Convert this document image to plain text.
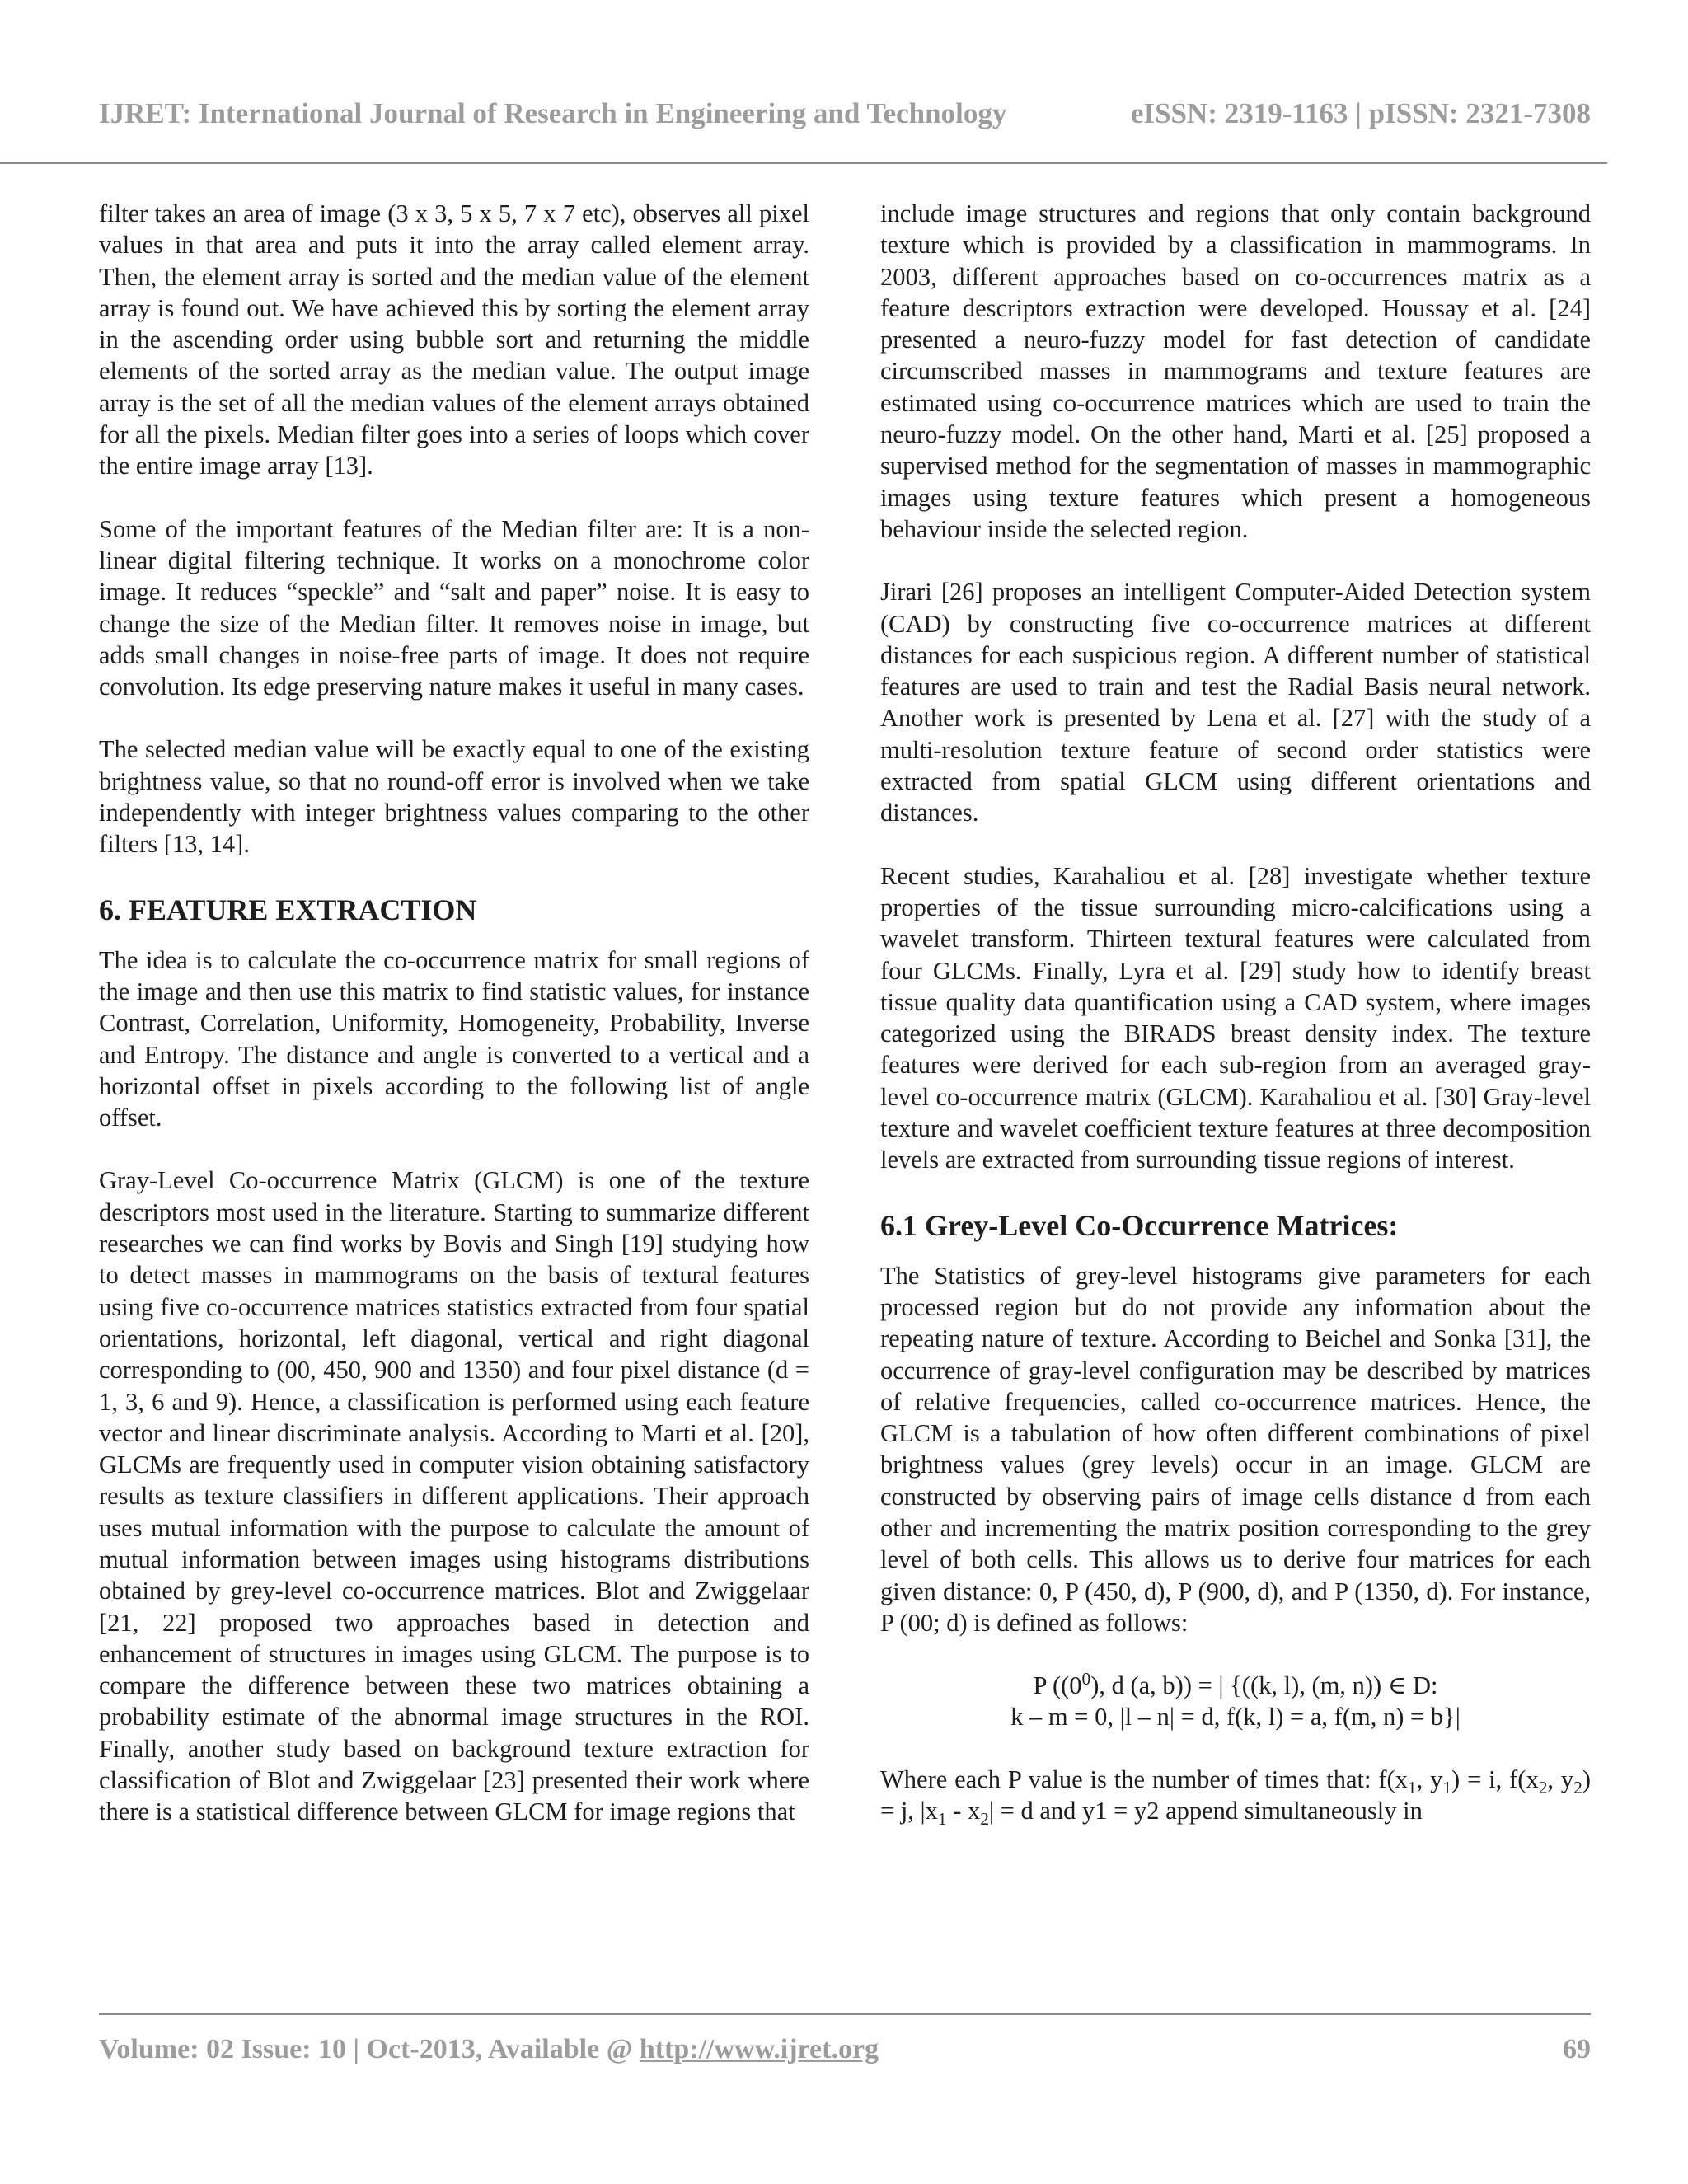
IJRET: International Journal of Research in Engineering and Technology	eISSN: 2319-1163 | pISSN: 2321-7308

filter takes an area of image (3 x 3, 5 x 5, 7 x 7 etc), observes all pixel values in that area and puts it into the array called element array. Then, the element array is sorted and the median value of the element array is found out. We have achieved this by sorting the element array in the ascending order using bubble sort and returning the middle elements of the sorted array as the median value. The output image array is the set of all the median values of the element arrays obtained for all the pixels. Median filter goes into a series of loops which cover the entire image array [13].

Some of the important features of the Median filter are: It is a non-linear digital filtering technique. It works on a monochrome color image. It reduces “speckle” and “salt and paper” noise. It is easy to change the size of the Median filter. It removes noise in image, but adds small changes in noise-free parts of image. It does not require convolution. Its edge preserving nature makes it useful in many cases.

The selected median value will be exactly equal to one of the existing brightness value, so that no round-off error is involved when we take independently with integer brightness values comparing to the other filters [13, 14].

6. FEATURE EXTRACTION

The idea is to calculate the co-occurrence matrix for small regions of the image and then use this matrix to find statistic values, for instance Contrast, Correlation, Uniformity, Homogeneity, Probability, Inverse and Entropy. The distance and angle is converted to a vertical and a horizontal offset in pixels according to the following list of angle offset.

Gray-Level Co-occurrence Matrix (GLCM) is one of the texture descriptors most used in the literature. Starting to summarize different researches we can find works by Bovis and Singh [19] studying how to detect masses in mammograms on the basis of textural features using five co-occurrence matrices statistics extracted from four spatial orientations, horizontal, left diagonal, vertical and right diagonal corresponding to (00, 450, 900 and 1350) and four pixel distance (d = 1, 3, 6 and 9). Hence, a classification is performed using each feature vector and linear discriminate analysis. According to Marti et al. [20], GLCMs are frequently used in computer vision obtaining satisfactory results as texture classifiers in different applications. Their approach uses mutual information with the purpose to calculate the amount of mutual information between images using histograms distributions obtained by grey-level co-occurrence matrices. Blot and Zwiggelaar [21, 22] proposed two approaches based in detection and enhancement of structures in images using GLCM. The purpose is to compare the difference between these two matrices obtaining a probability estimate of the abnormal image structures in the ROI. Finally, another study based on background texture extraction for classification of Blot and Zwiggelaar [23] presented their work where there is a statistical difference between GLCM for image regions that

include image structures and regions that only contain background texture which is provided by a classification in mammograms. In 2003, different approaches based on co-occurrences matrix as a feature descriptors extraction were developed. Houssay et al. [24] presented a neuro-fuzzy model for fast detection of candidate circumscribed masses in mammograms and texture features are estimated using co-occurrence matrices which are used to train the neuro-fuzzy model. On the other hand, Marti et al. [25] proposed a supervised method for the segmentation of masses in mammographic images using texture features which present a homogeneous behaviour inside the selected region.

Jirari [26] proposes an intelligent Computer-Aided Detection system (CAD) by constructing five co-occurrence matrices at different distances for each suspicious region. A different number of statistical features are used to train and test the Radial Basis neural network. Another work is presented by Lena et al. [27] with the study of a multi-resolution texture feature of second order statistics were extracted from spatial GLCM using different orientations and distances.

Recent studies, Karahaliou et al. [28] investigate whether texture properties of the tissue surrounding micro-calcifications using a wavelet transform. Thirteen textural features were calculated from four GLCMs. Finally, Lyra et al. [29] study how to identify breast tissue quality data quantification using a CAD system, where images categorized using the BIRADS breast density index. The texture features were derived for each sub-region from an averaged gray- level co-occurrence matrix (GLCM). Karahaliou et al. [30] Gray-level texture and wavelet coefficient texture features at three decomposition levels are extracted from surrounding tissue regions of interest.

6.1 Grey-Level Co-Occurrence Matrices:

The Statistics of grey-level histograms give parameters for each processed region but do not provide any information about the repeating nature of texture. According to Beichel and Sonka [31], the occurrence of gray-level configuration may be described by matrices of relative frequencies, called co-occurrence matrices. Hence, the GLCM is a tabulation of how often different combinations of pixel brightness values (grey levels) occur in an image. GLCM are constructed by observing pairs of image cells distance d from each other and incrementing the matrix position corresponding to the grey level of both cells. This allows us to derive four matrices for each given distance: 0, P (450, d), P (900, d), and P (1350, d). For instance, P (00; d) is defined as follows:

P ($(0^0)$, d (a, b)) = | {((k, l), (m, n)) ∈ D:
k – m = 0, |l – n| = d, f(k, l) = a, f(m, n) = b}|

Where each P value is the number of times that: $f(x_1$, $y_1) = i$, $f(x_2$, $y_2) = j$, $|x_1 - x_2| = d$ and y1 = y2 append simultaneously in

Volume: 02 Issue: 10 | Oct-2013, Available @ http://www.ijret.org	69
